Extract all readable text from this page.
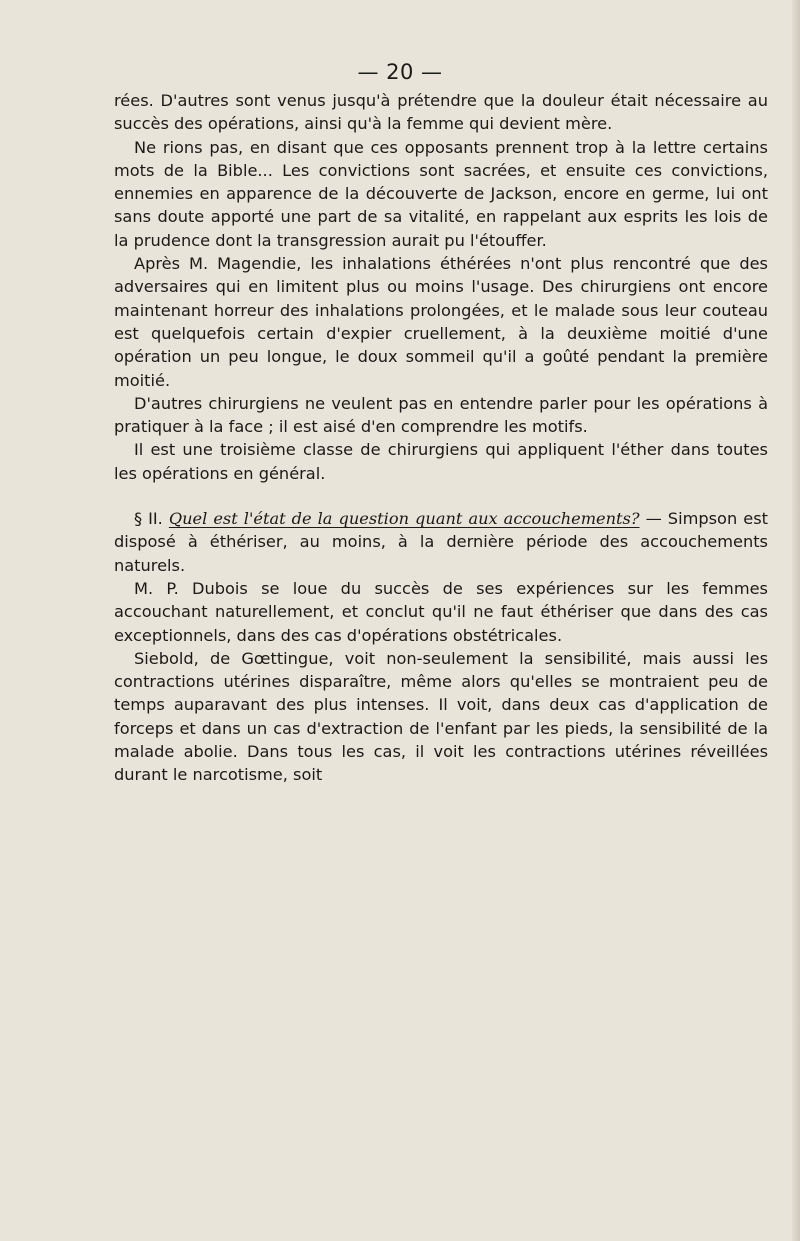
— 20 —

rées. D'autres sont venus jusqu'à prétendre que la douleur était nécessaire au succès des opérations, ainsi qu'à la femme qui devient mère.

Ne rions pas, en disant que ces opposants prennent trop à la lettre certains mots de la Bible... Les convictions sont sacrées, et ensuite ces convictions, ennemies en apparence de la découverte de Jackson, encore en germe, lui ont sans doute apporté une part de sa vitalité, en rappelant aux esprits les lois de la prudence dont la transgression aurait pu l'étouffer.

Après M. Magendie, les inhalations éthérées n'ont plus rencontré que des adversaires qui en limitent plus ou moins l'usage. Des chirurgiens ont encore maintenant horreur des inhalations prolongées, et le malade sous leur couteau est quelquefois certain d'expier cruellement, à la deuxième moitié d'une opération un peu longue, le doux sommeil qu'il a goûté pendant la première moitié.

D'autres chirurgiens ne veulent pas en entendre parler pour les opérations à pratiquer à la face ; il est aisé d'en comprendre les motifs.

Il est une troisième classe de chirurgiens qui appliquent l'éther dans toutes les opérations en général.

§ II. Quel est l'état de la question quant aux accouchements? — Simpson est disposé à éthériser, au moins, à la dernière période des accouchements naturels.

M. P. Dubois se loue du succès de ses expériences sur les femmes accouchant naturellement, et conclut qu'il ne faut éthériser que dans des cas exceptionnels, dans des cas d'opérations obstétricales.

Siebold, de Gœttingue, voit non-seulement la sensibilité, mais aussi les contractions utérines disparaître, même alors qu'elles se montraient peu de temps auparavant des plus intenses. Il voit, dans deux cas d'application de forceps et dans un cas d'extraction de l'enfant par les pieds, la sensibilité de la malade abolie. Dans tous les cas, il voit les contractions utérines réveillées durant le narcotisme, soit
